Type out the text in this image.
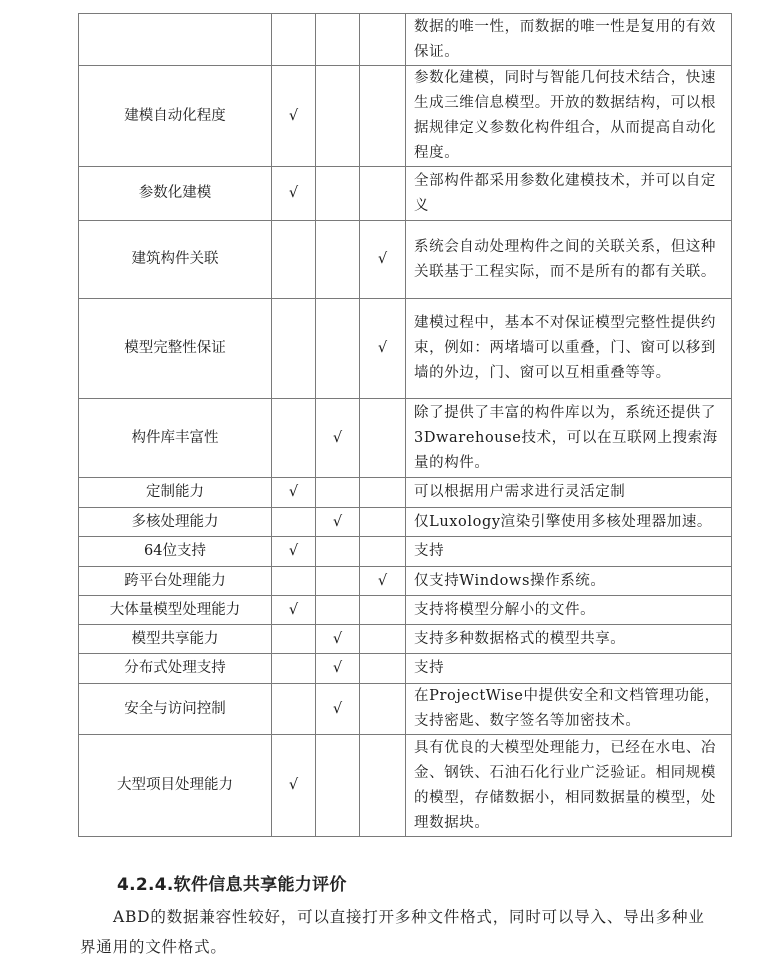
				数据的唯一性，而数据的唯一性是复用的有效保证。
建模自动化程度	√			参数化建模，同时与智能几何技术结合，快速生成三维信息模型。开放的数据结构，可以根据规律定义参数化构件组合，从而提高自动化程度。
参数化建模	√			全部构件都采用参数化建模技术，并可以自定义
建筑构件关联			√	系统会自动处理构件之间的关联关系，但这种关联基于工程实际，而不是所有的都有关联。
模型完整性保证			√	建模过程中，基本不对保证模型完整性提供约束，例如：两堵墙可以重叠，门、窗可以移到墙的外边，门、窗可以互相重叠等等。
构件库丰富性		√		除了提供了丰富的构件库以为，系统还提供了3Dwarehouse技术，可以在互联网上搜索海量的构件。
定制能力	√			可以根据用户需求进行灵活定制
多核处理能力		√		仅Luxology渲染引擎使用多核处理器加速。
64位支持	√			支持
跨平台处理能力			√	仅支持Windows操作系统。
大体量模型处理能力	√			支持将模型分解小的文件。
模型共享能力		√		支持多种数据格式的模型共享。
分布式处理支持		√		支持
安全与访问控制		√		在ProjectWise中提供安全和文档管理功能，支持密匙、数字签名等加密技术。
大型项目处理能力	√			具有优良的大模型处理能力，已经在水电、冶金、钢铁、石油石化行业广泛验证。相同规模的模型，存储数据小，相同数据量的模型，处理数据块。
4.2.4.软件信息共享能力评价
ABD的数据兼容性较好，可以直接打开多种文件格式，同时可以导入、导出多种业界通用的文件格式。
